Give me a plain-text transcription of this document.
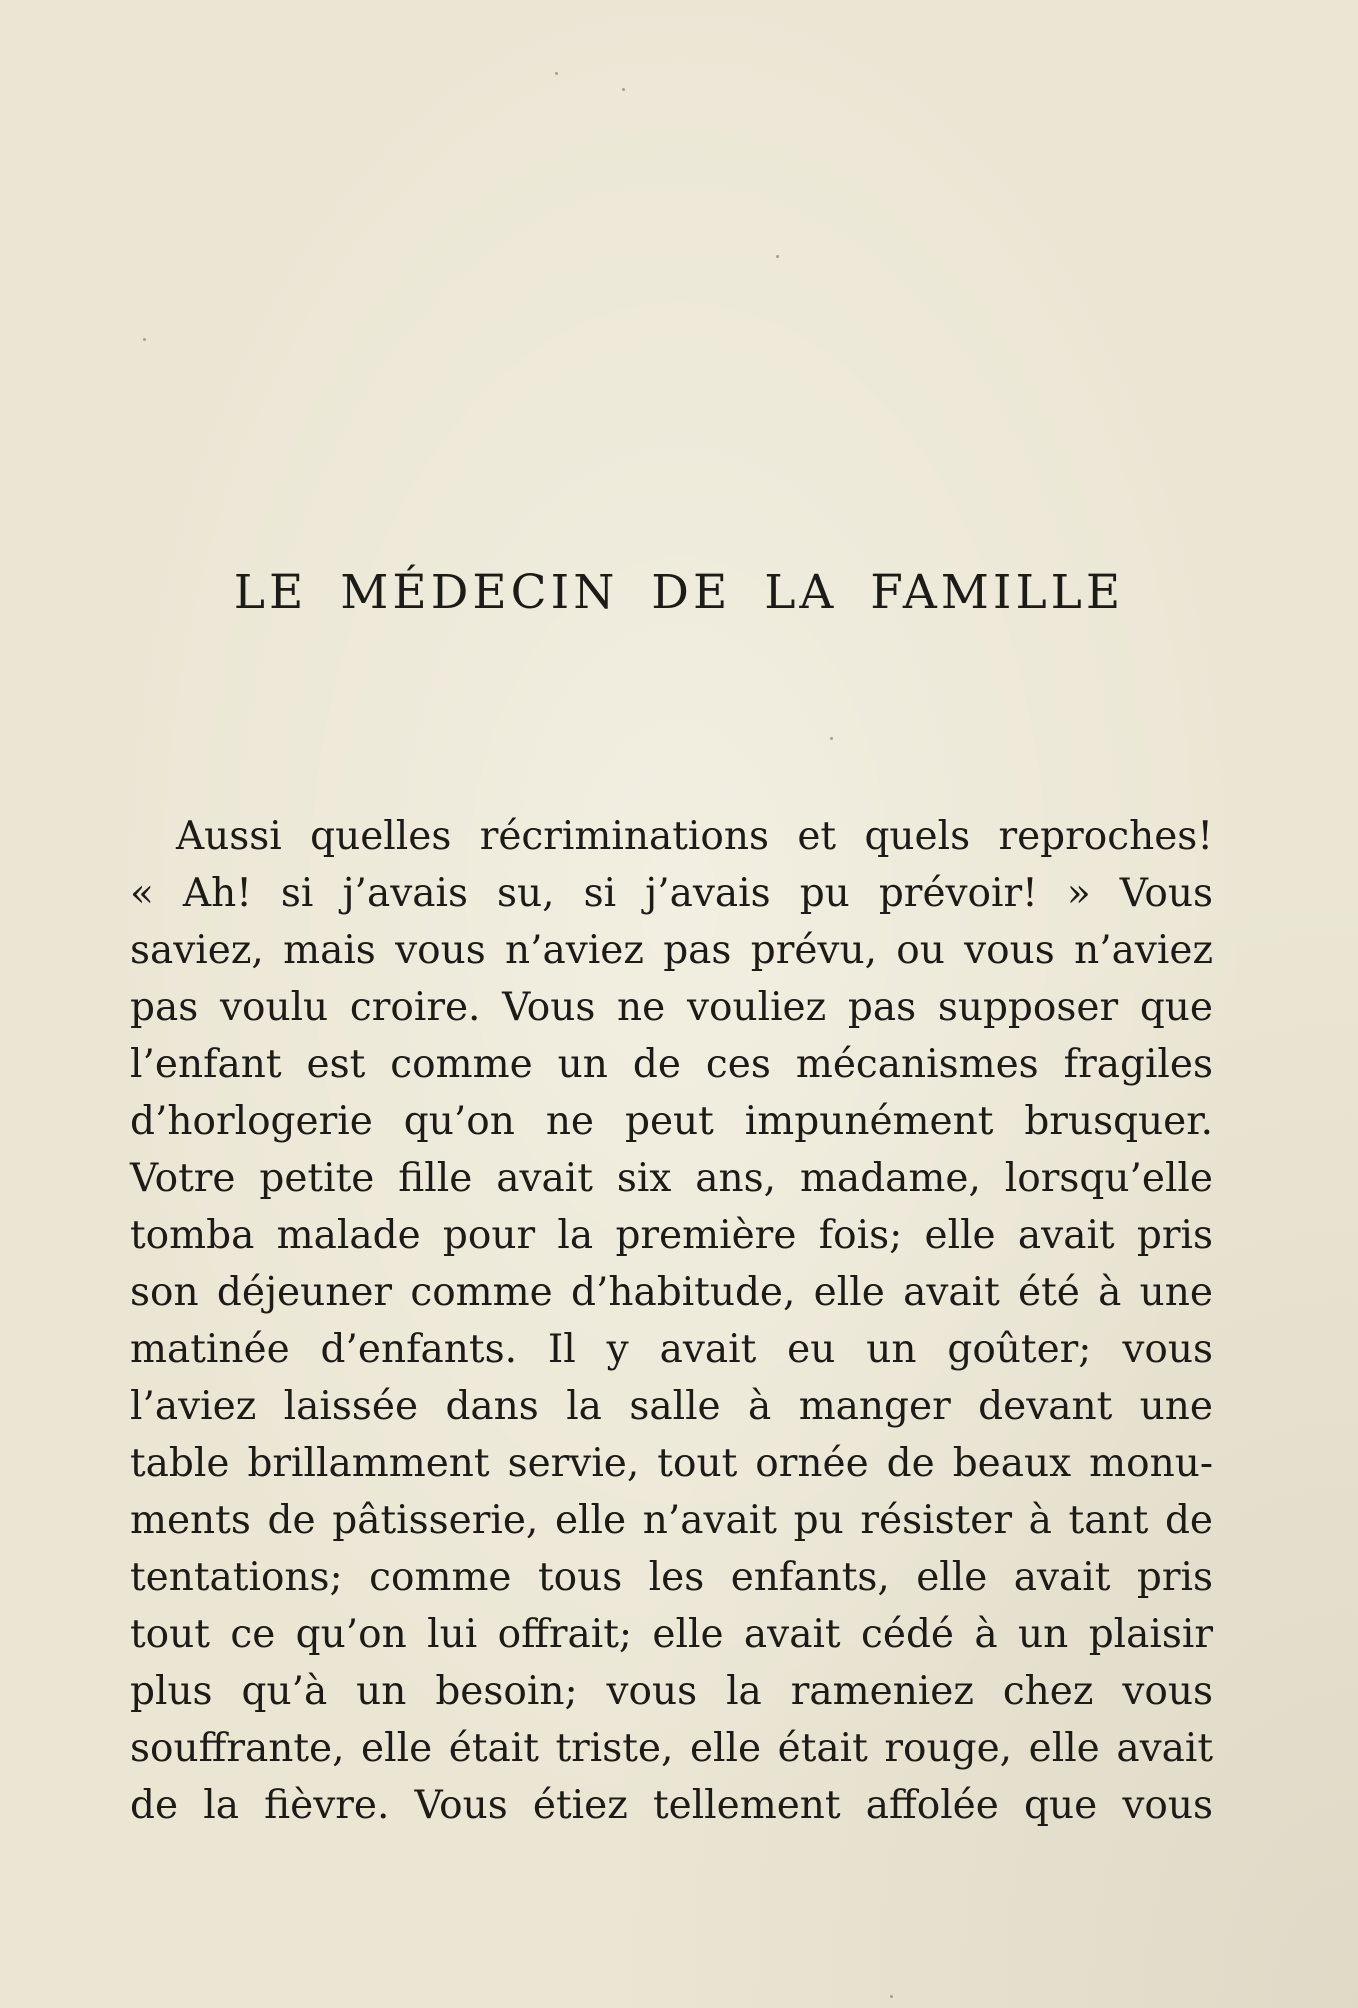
LE MÉDECIN DE LA FAMILLE
Aussi quelles récriminations et quels reproches!
« Ah! si j’avais su, si j’avais pu prévoir! » Vous
saviez, mais vous n’aviez pas prévu, ou vous n’aviez
pas voulu croire. Vous ne vouliez pas supposer que
l’enfant est comme un de ces mécanismes fragiles
d’horlogerie qu’on ne peut impunément brusquer.
Votre petite fille avait six ans, madame, lorsqu’elle
tomba malade pour la première fois; elle avait pris
son déjeuner comme d’habitude, elle avait été à une
matinée d’enfants. Il y avait eu un goûter; vous
l’aviez laissée dans la salle à manger devant une
table brillamment servie, tout ornée de beaux monu-
ments de pâtisserie, elle n’avait pu résister à tant de
tentations; comme tous les enfants, elle avait pris
tout ce qu’on lui offrait; elle avait cédé à un plaisir
plus qu’à un besoin; vous la rameniez chez vous
souffrante, elle était triste, elle était rouge, elle avait
de la fièvre. Vous étiez tellement affolée que vous
